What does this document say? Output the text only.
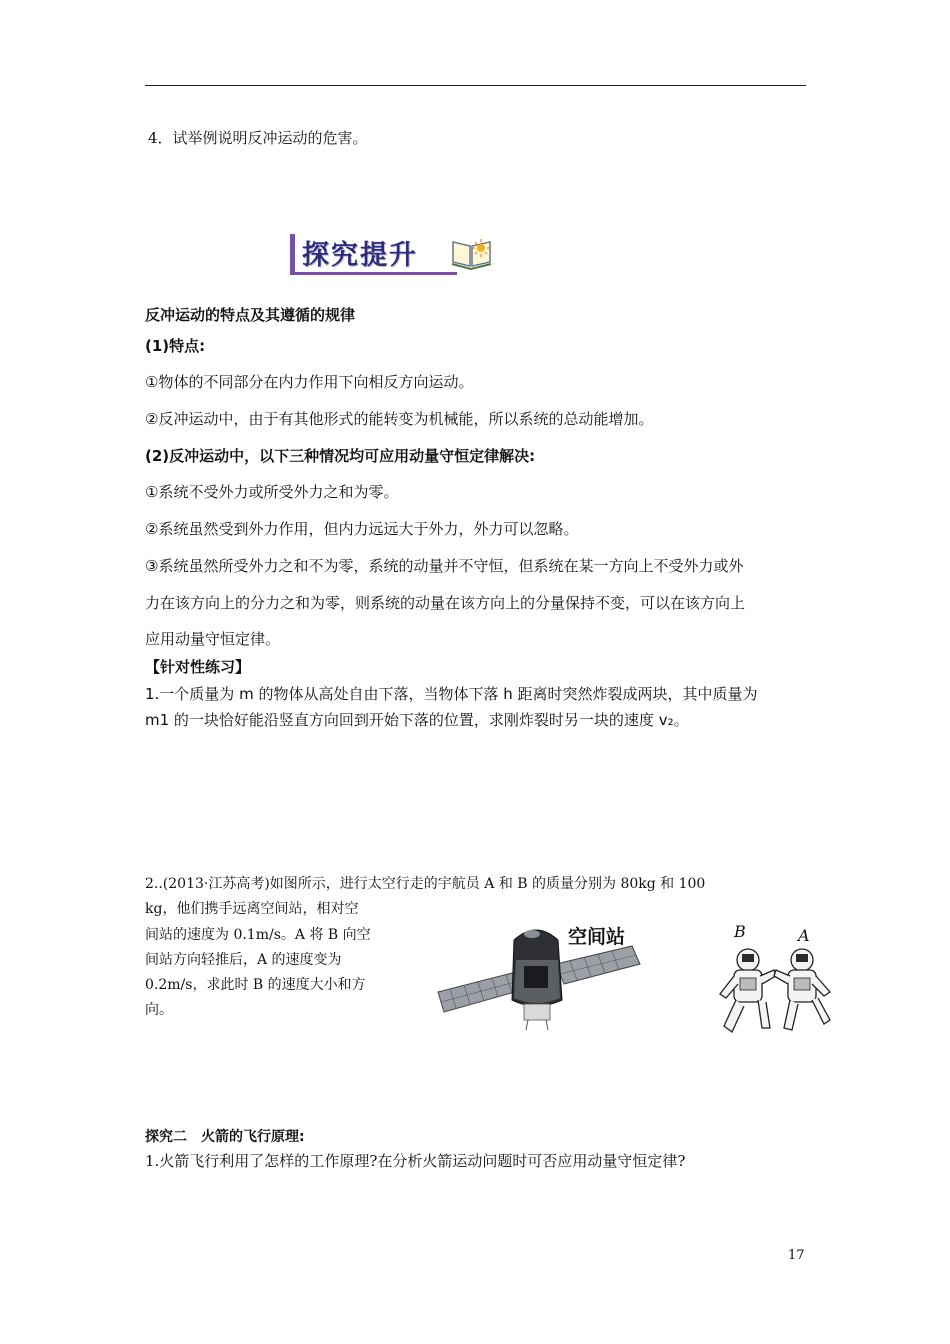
4．试举例说明反冲运动的危害。
探究提升
反冲运动的特点及其遵循的规律
(1)特点:
①物体的不同部分在内力作用下向相反方向运动。
②反冲运动中，由于有其他形式的能转变为机械能，所以系统的总动能增加。
(2)反冲运动中，以下三种情况均可应用动量守恒定律解决:
①系统不受外力或所受外力之和为零。
②系统虽然受到外力作用，但内力远远大于外力，外力可以忽略。
③系统虽然所受外力之和不为零，系统的动量并不守恒，但系统在某一方向上不受外力或外
力在该方向上的分力之和为零，则系统的动量在该方向上的分量保持不变，可以在该方向上
应用动量守恒定律。
【针对性练习】
1.一个质量为 m 的物体从高处自由下落，当物体下落 h 距离时突然炸裂成两块，其中质量为
m1 的一块恰好能沿竖直方向回到开始下落的位置，求刚炸裂时另一块的速度 v₂。
2..(2013·江苏高考)如图所示，进行太空行走的宇航员 A 和 B 的质量分别为 80kg 和 100
kg，他们携手远离空间站，相对空
间站的速度为 0.1m/s。A 将 B 向空
间站方向轻推后，A 的速度变为
0.2m/s，求此时 B 的速度大小和方
向。
空间站	B	A
探究二　火箭的飞行原理:
1.火箭飞行利用了怎样的工作原理?在分析火箭运动问题时可否应用动量守恒定律?
17
